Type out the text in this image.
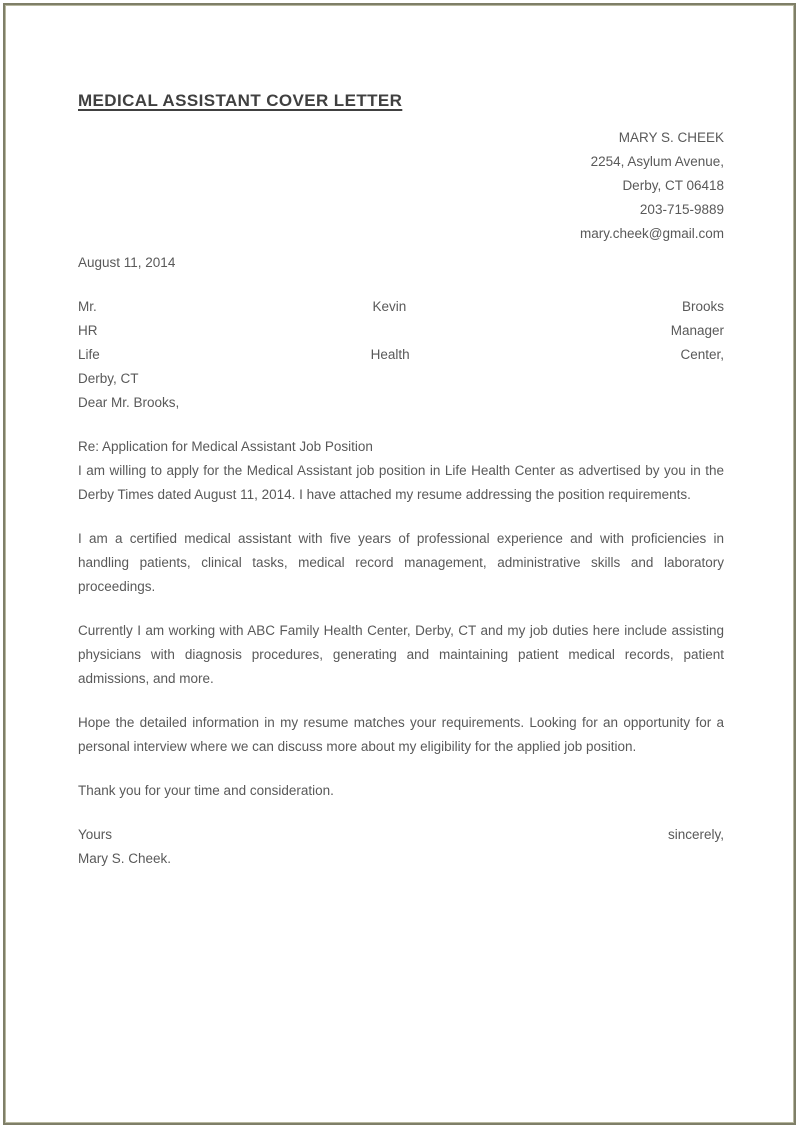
MEDICAL ASSISTANT COVER LETTER
MARY S. CHEEK
2254, Asylum Avenue,
Derby, CT 06418
203-715-9889
mary.cheek@gmail.com
August 11, 2014
Mr.	Kevin	Brooks
HR	Manager
Life	Health	Center,
Derby, CT
Dear Mr. Brooks,
Re: Application for Medical Assistant Job Position
I am willing to apply for the Medical Assistant job position in Life Health Center as advertised by you in the Derby Times dated August 11, 2014. I have attached my resume addressing the position requirements.
I am a certified medical assistant with five years of professional experience and with proficiencies in handling patients, clinical tasks, medical record management, administrative skills and laboratory proceedings.
Currently I am working with ABC Family Health Center, Derby, CT and my job duties here include assisting physicians with diagnosis procedures, generating and maintaining patient medical records, patient admissions, and more.
Hope the detailed information in my resume matches your requirements. Looking for an opportunity for a personal interview where we can discuss more about my eligibility for the applied job position.
Thank you for your time and consideration.
Yours	sincerely,
Mary S. Cheek.
